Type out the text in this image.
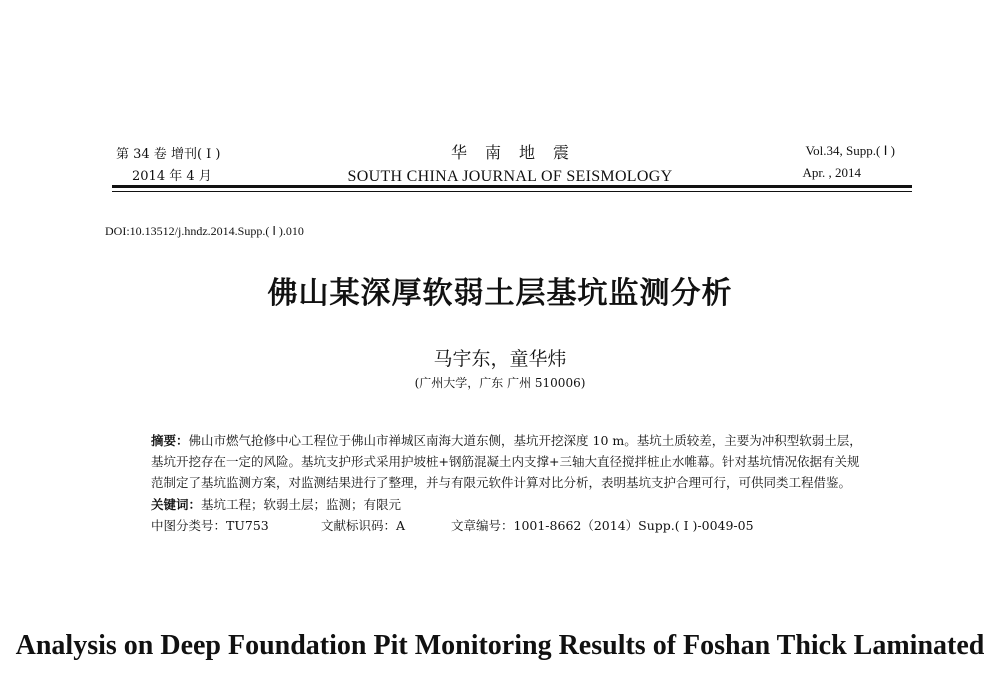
第 34 卷 增刊( Ⅰ )
2014 年 4 月
华南地震
SOUTH CHINA JOURNAL OF SEISMOLOGY
Vol.34, Supp.( Ⅰ )
Apr. , 2014
DOI:10.13512/j.hndz.2014.Supp.( Ⅰ ).010
佛山某深厚软弱土层基坑监测分析
马宇东，童华炜
(广州大学，广东 广州 510006)

摘要：佛山市燃气抢修中心工程位于佛山市禅城区南海大道东侧，基坑开挖深度 10 m。基坑土质较差，主要为冲积型软弱土层，基坑开挖存在一定的风险。基坑支护形式采用护坡桩+钢筋混凝土内支撑+三轴大直径搅拌桩止水帷幕。针对基坑情况依据有关规范制定了基坑监测方案，对监测结果进行了整理，并与有限元软件计算对比分析，表明基坑支护合理可行，可供同类工程借鉴。

关键词：基坑工程；软弱土层；监测；有限元

中图分类号：TU753	文献标识码：A	文章编号：1001-8662（2014）Supp.( Ⅰ )-0049-05

Analysis on Deep Foundation Pit Monitoring Results of Foshan Thick Laminated
